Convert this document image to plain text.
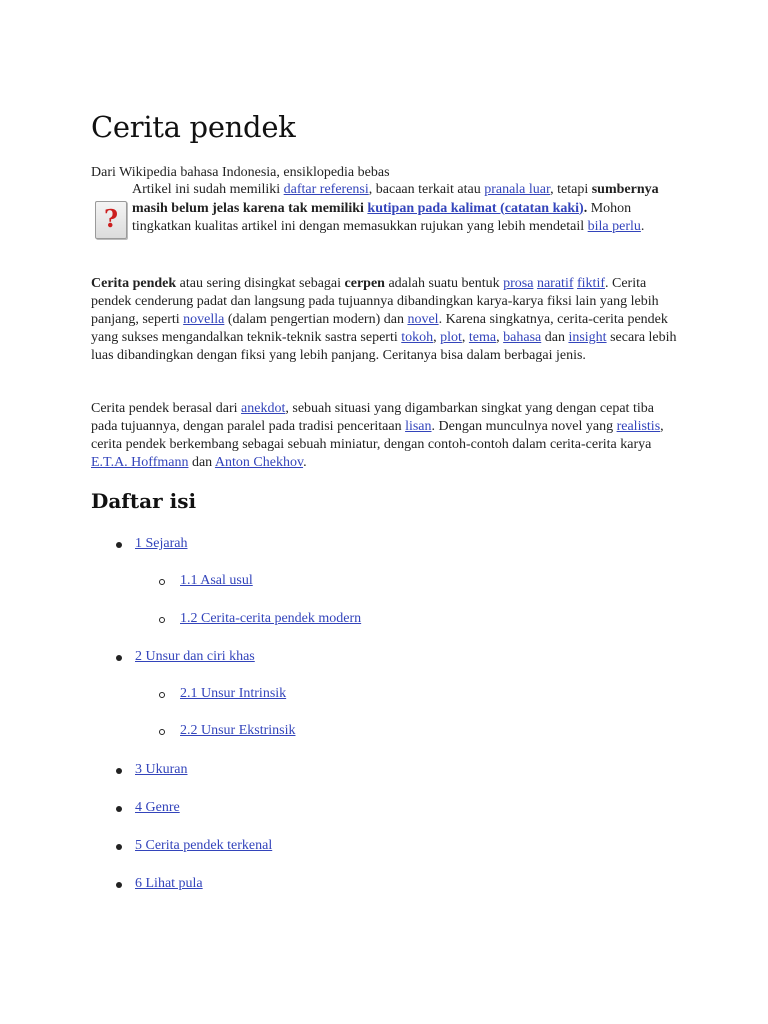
Cerita pendek
Dari Wikipedia bahasa Indonesia, ensiklopedia bebas
?
Artikel ini sudah memiliki daftar referensi, bacaan terkait atau pranala luar, tetapi sumbernya masih belum jelas karena tak memiliki kutipan pada kalimat (catatan kaki). Mohon tingkatkan kualitas artikel ini dengan memasukkan rujukan yang lebih mendetail bila perlu.
Cerita pendek atau sering disingkat sebagai cerpen adalah suatu bentuk prosa naratif fiktif. Cerita pendek cenderung padat dan langsung pada tujuannya dibandingkan karya-karya fiksi lain yang lebih panjang, seperti novella (dalam pengertian modern) dan novel. Karena singkatnya, cerita-cerita pendek yang sukses mengandalkan teknik-teknik sastra seperti tokoh, plot, tema, bahasa dan insight secara lebih luas dibandingkan dengan fiksi yang lebih panjang. Ceritanya bisa dalam berbagai jenis.
Cerita pendek berasal dari anekdot, sebuah situasi yang digambarkan singkat yang dengan cepat tiba pada tujuannya, dengan paralel pada tradisi penceritaan lisan. Dengan munculnya novel yang realistis, cerita pendek berkembang sebagai sebuah miniatur, dengan contoh-contoh dalam cerita-cerita karya E.T.A. Hoffmann dan Anton Chekhov.
Daftar isi
1 Sejarah
1.1 Asal usul
1.2 Cerita-cerita pendek modern
2 Unsur dan ciri khas
2.1 Unsur Intrinsik
2.2 Unsur Ekstrinsik
3 Ukuran
4 Genre
5 Cerita pendek terkenal
6 Lihat pula
